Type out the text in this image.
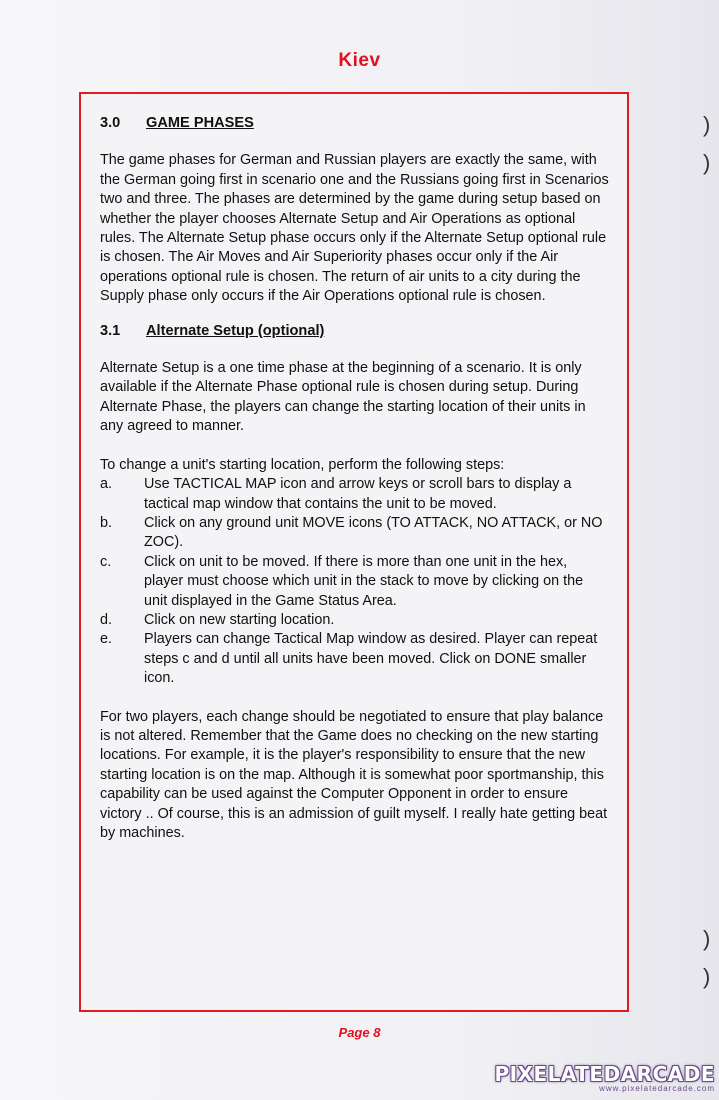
Kiev
)
)
)
)
3.0 GAME PHASES

The game phases for German and Russian players are exactly the same, with the German going first in scenario one and the Russians going first in Scenarios two and three. The phases are determined by the game during setup based on whether the player chooses Alternate Setup and Air Operations as optional rules. The Alternate Setup phase occurs only if the Alternate Setup optional rule is chosen. The Air Moves and Air Superiority phases occur only if the Air operations optional rule is chosen. The return of air units to a city during the Supply phase only occurs if the Air Operations optional rule is chosen.

3.1 Alternate Setup (optional)

Alternate Setup is a one time phase at the beginning of a scenario. It is only available if the Alternate Phase optional rule is chosen during setup. During Alternate Phase, the players can change the starting location of their units in any agreed to manner.

To change a unit's starting location, perform the following steps:
a.	Use TACTICAL MAP icon and arrow keys or scroll bars to display a tactical map window that contains the unit to be moved.
b.	Click on any ground unit MOVE icons (TO ATTACK, NO ATTACK, or NO ZOC).
c.	Click on unit to be moved. If there is more than one unit in the hex, player must choose which unit in the stack to move by clicking on the unit displayed in the Game Status Area.
d.	Click on new starting location.
e.	Players can change Tactical Map window as desired. Player can repeat steps c and d until all units have been moved. Click on DONE smaller icon.

For two players, each change should be negotiated to ensure that play balance is not altered. Remember that the Game does no checking on the new starting locations. For example, it is the player's responsibility to ensure that the new starting location is on the map. Although it is somewhat poor sportmanship, this capability can be used against the Computer Opponent in order to ensure victory .. Of course, this is an admission of guilt myself. I really hate getting beat by machines.

Page 8
PIXELATEDARCADE
www.pixelatedarcade.com
